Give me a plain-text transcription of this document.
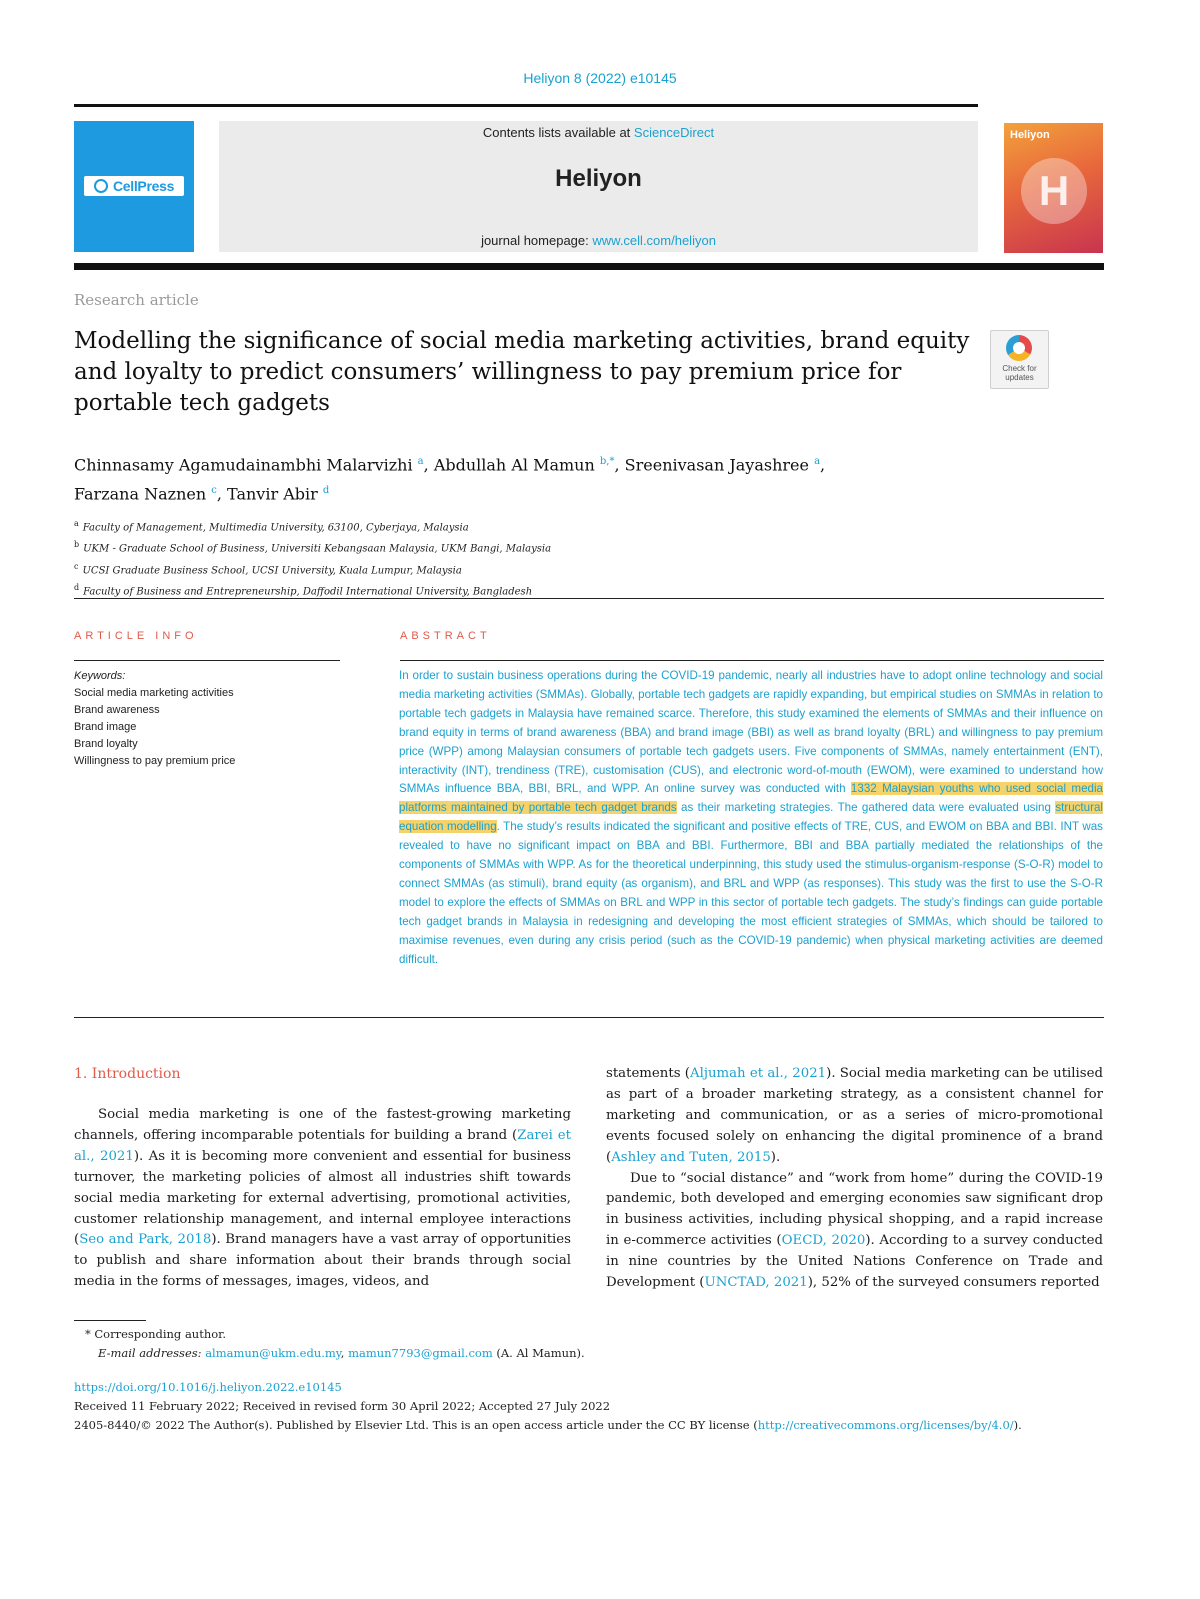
Heliyon 8 (2022) e10145
CellPress
Contents lists available at ScienceDirect
Heliyon
journal homepage: www.cell.com/heliyon
Heliyon
H
Research article
Modelling the significance of social media marketing activities, brand equity and loyalty to predict consumers’ willingness to pay premium price for portable tech gadgets
Check for updates
Chinnasamy Agamudainambhi Malarvizhi $^a$, Abdullah Al Mamun $^{b,*}$, Sreenivasan Jayashree $^a$,
Farzana Naznen $^c$, Tanvir Abir $^d$
$^a$ Faculty of Management, Multimedia University, 63100, Cyberjaya, Malaysia
$^b$ UKM - Graduate School of Business, Universiti Kebangsaan Malaysia, UKM Bangi, Malaysia
$^c$ UCSI Graduate Business School, UCSI University, Kuala Lumpur, Malaysia
$^d$ Faculty of Business and Entrepreneurship, Daffodil International University, Bangladesh
ARTICLE INFO
Keywords:
Social media marketing activities
Brand awareness
Brand image
Brand loyalty
Willingness to pay premium price
ABSTRACT

In order to sustain business operations during the COVID-19 pandemic, nearly all industries have to adopt online technology and social media marketing activities (SMMAs). Globally, portable tech gadgets are rapidly expanding, but empirical studies on SMMAs in relation to portable tech gadgets in Malaysia have remained scarce. Therefore, this study examined the elements of SMMAs and their influence on brand equity in terms of brand awareness (BBA) and brand image (BBI) as well as brand loyalty (BRL) and willingness to pay premium price (WPP) among Malaysian consumers of portable tech gadgets users. Five components of SMMAs, namely entertainment (ENT), interactivity (INT), trendiness (TRE), customisation (CUS), and electronic word-of-mouth (EWOM), were examined to understand how SMMAs influence BBA, BBI, BRL, and WPP. An online survey was conducted with 1332 Malaysian youths who used social media platforms maintained by portable tech gadget brands as their marketing strategies. The gathered data were evaluated using structural equation modelling. The study’s results indicated the significant and positive effects of TRE, CUS, and EWOM on BBA and BBI. INT was revealed to have no significant impact on BBA and BBI. Furthermore, BBI and BBA partially mediated the relationships of the components of SMMAs with WPP. As for the theoretical underpinning, this study used the stimulus-organism-response (S-O-R) model to connect SMMAs (as stimuli), brand equity (as organism), and BRL and WPP (as responses). This study was the first to use the S-O-R model to explore the effects of SMMAs on BRL and WPP in this sector of portable tech gadgets. The study’s findings can guide portable tech gadget brands in Malaysia in redesigning and developing the most efficient strategies of SMMAs, which should be tailored to maximise revenues, even during any crisis period (such as the COVID-19 pandemic) when physical marketing activities are deemed difficult.

1. Introduction

Social media marketing is one of the fastest-growing marketing channels, offering incomparable potentials for building a brand (Zarei et al., 2021). As it is becoming more convenient and essential for business turnover, the marketing policies of almost all industries shift towards social media marketing for external advertising, promotional activities, customer relationship management, and internal employee interactions (Seo and Park, 2018). Brand managers have a vast array of opportunities to publish and share information about their brands through social media in the forms of messages, images, videos, and

statements (Aljumah et al., 2021). Social media marketing can be utilised as part of a broader marketing strategy, as a consistent channel for marketing and communication, or as a series of micro-promotional events focused solely on enhancing the digital prominence of a brand (Ashley and Tuten, 2015).

Due to “social distance” and “work from home” during the COVID-19 pandemic, both developed and emerging economies saw significant drop in business activities, including physical shopping, and a rapid increase in e-commerce activities (OECD, 2020). According to a survey conducted in nine countries by the United Nations Conference on Trade and Development (UNCTAD, 2021), 52% of the surveyed consumers reported

* Corresponding author.
E-mail addresses: almamun@ukm.edu.my, mamun7793@gmail.com (A. Al Mamun).
https://doi.org/10.1016/j.heliyon.2022.e10145
Received 11 February 2022; Received in revised form 30 April 2022; Accepted 27 July 2022
2405-8440/© 2022 The Author(s). Published by Elsevier Ltd. This is an open access article under the CC BY license (http://creativecommons.org/licenses/by/4.0/).
